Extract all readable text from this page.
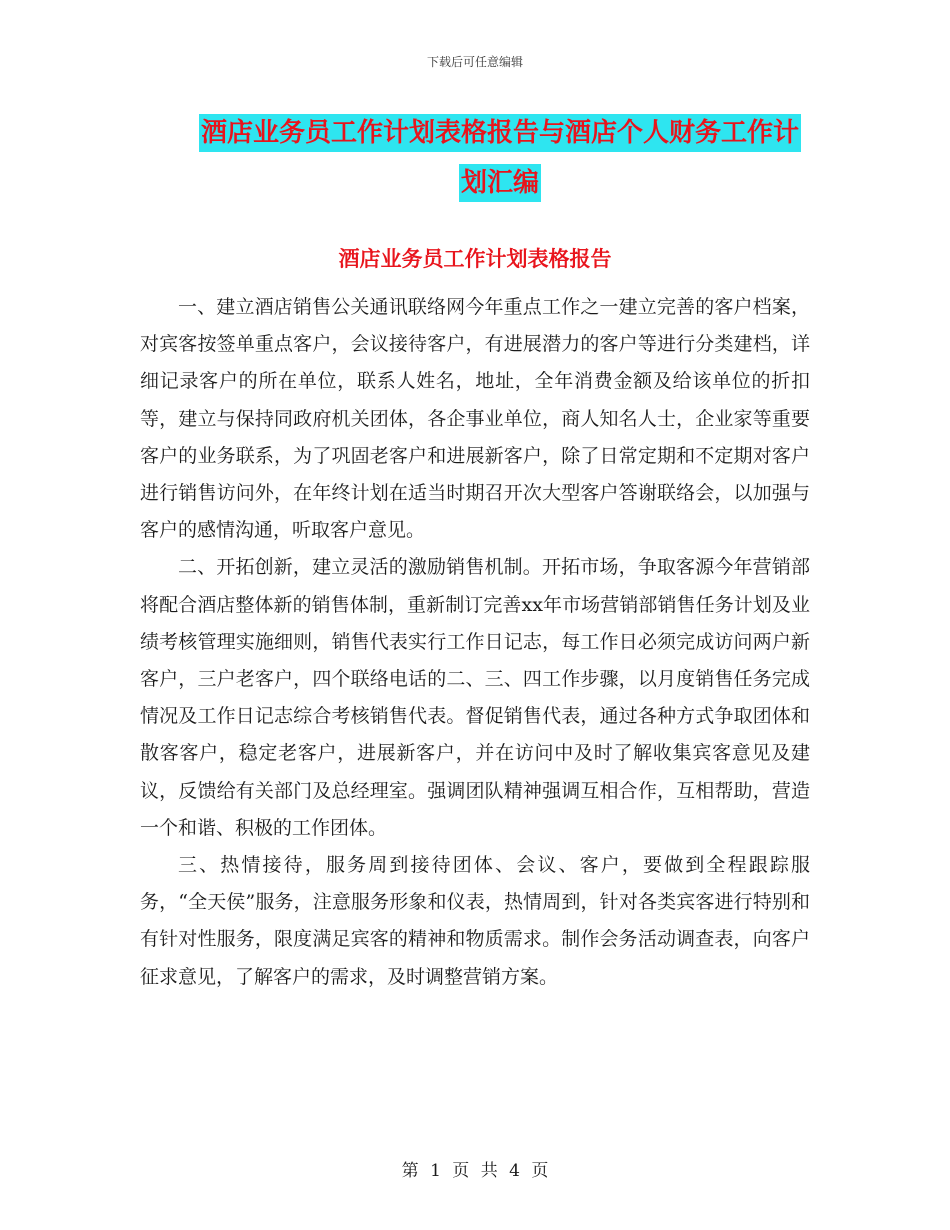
下载后可任意编辑
酒店业务员工作计划表格报告与酒店个人财务工作计划汇编
酒店业务员工作计划表格报告

一、建立酒店销售公关通讯联络网今年重点工作之一建立完善的客户档案，对宾客按签单重点客户，会议接待客户，有进展潜力的客户等进行分类建档，详细记录客户的所在单位，联系人姓名，地址，全年消费金额及给该单位的折扣等，建立与保持同政府机关团体，各企事业单位，商人知名人士，企业家等重要客户的业务联系，为了巩固老客户和进展新客户，除了日常定期和不定期对客户进行销售访问外，在年终计划在适当时期召开次大型客户答谢联络会，以加强与客户的感情沟通，听取客户意见。

二、开拓创新，建立灵活的激励销售机制。开拓市场，争取客源今年营销部将配合酒店整体新的销售体制，重新制订完善xx年市场营销部销售任务计划及业绩考核管理实施细则，销售代表实行工作日记志，每工作日必须完成访问两户新客户，三户老客户，四个联络电话的二、三、四工作步骤，以月度销售任务完成情况及工作日记志综合考核销售代表。督促销售代表，通过各种方式争取团体和散客客户，稳定老客户，进展新客户，并在访问中及时了解收集宾客意见及建议，反馈给有关部门及总经理室。强调团队精神强调互相合作，互相帮助，营造一个和谐、积极的工作团体。

三、热情接待，服务周到接待团体、会议、客户，要做到全程跟踪服务，“全天侯”服务，注意服务形象和仪表，热情周到，针对各类宾客进行特别和有针对性服务，限度满足宾客的精神和物质需求。制作会务活动调查表，向客户征求意见，了解客户的需求，及时调整营销方案。

第 1 页 共 4 页
